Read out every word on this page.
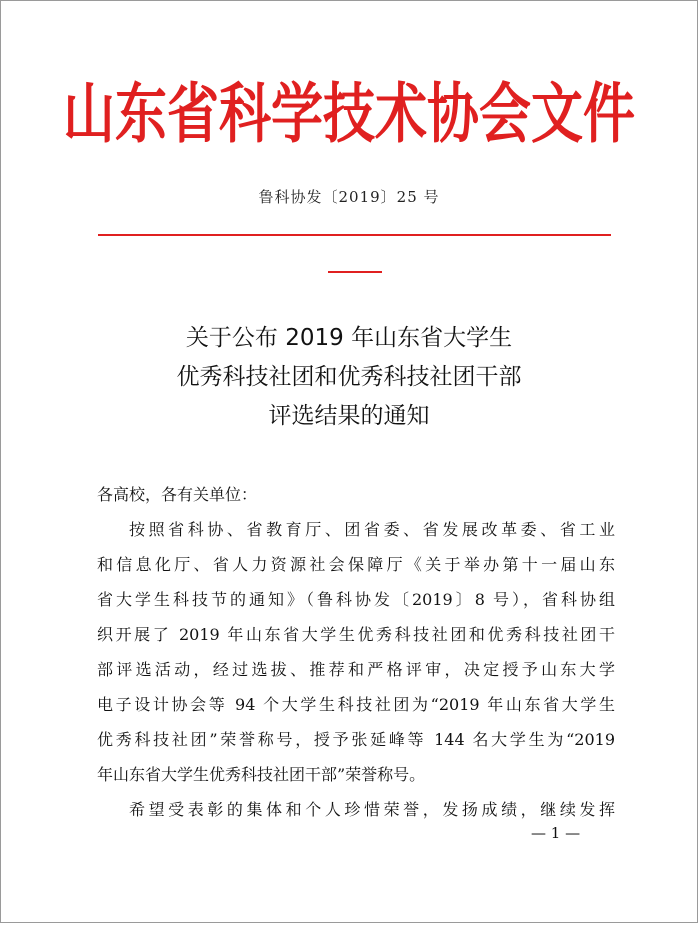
山东省科学技术协会文件
鲁科协发〔2019〕25 号
关于公布 2019 年山东省大学生
优秀科技社团和优秀科技社团干部
评选结果的通知
各高校，各有关单位：
按照省科协、省教育厅、团省委、省发展改革委、省工业
和信息化厅、省人力资源社会保障厅《关于举办第十一届山东
省大学生科技节的通知》（鲁科协发〔2019〕8 号），省科协组
织开展了 2019 年山东省大学生优秀科技社团和优秀科技社团干
部评选活动，经过选拔、推荐和严格评审，决定授予山东大学
电子设计协会等 94 个大学生科技社团为“2019 年山东省大学生
优秀科技社团”荣誉称号，授予张延峰等 144 名大学生为“2019
年山东省大学生优秀科技社团干部”荣誉称号。
希望受表彰的集体和个人珍惜荣誉，发扬成绩，继续发挥
— 1 —
